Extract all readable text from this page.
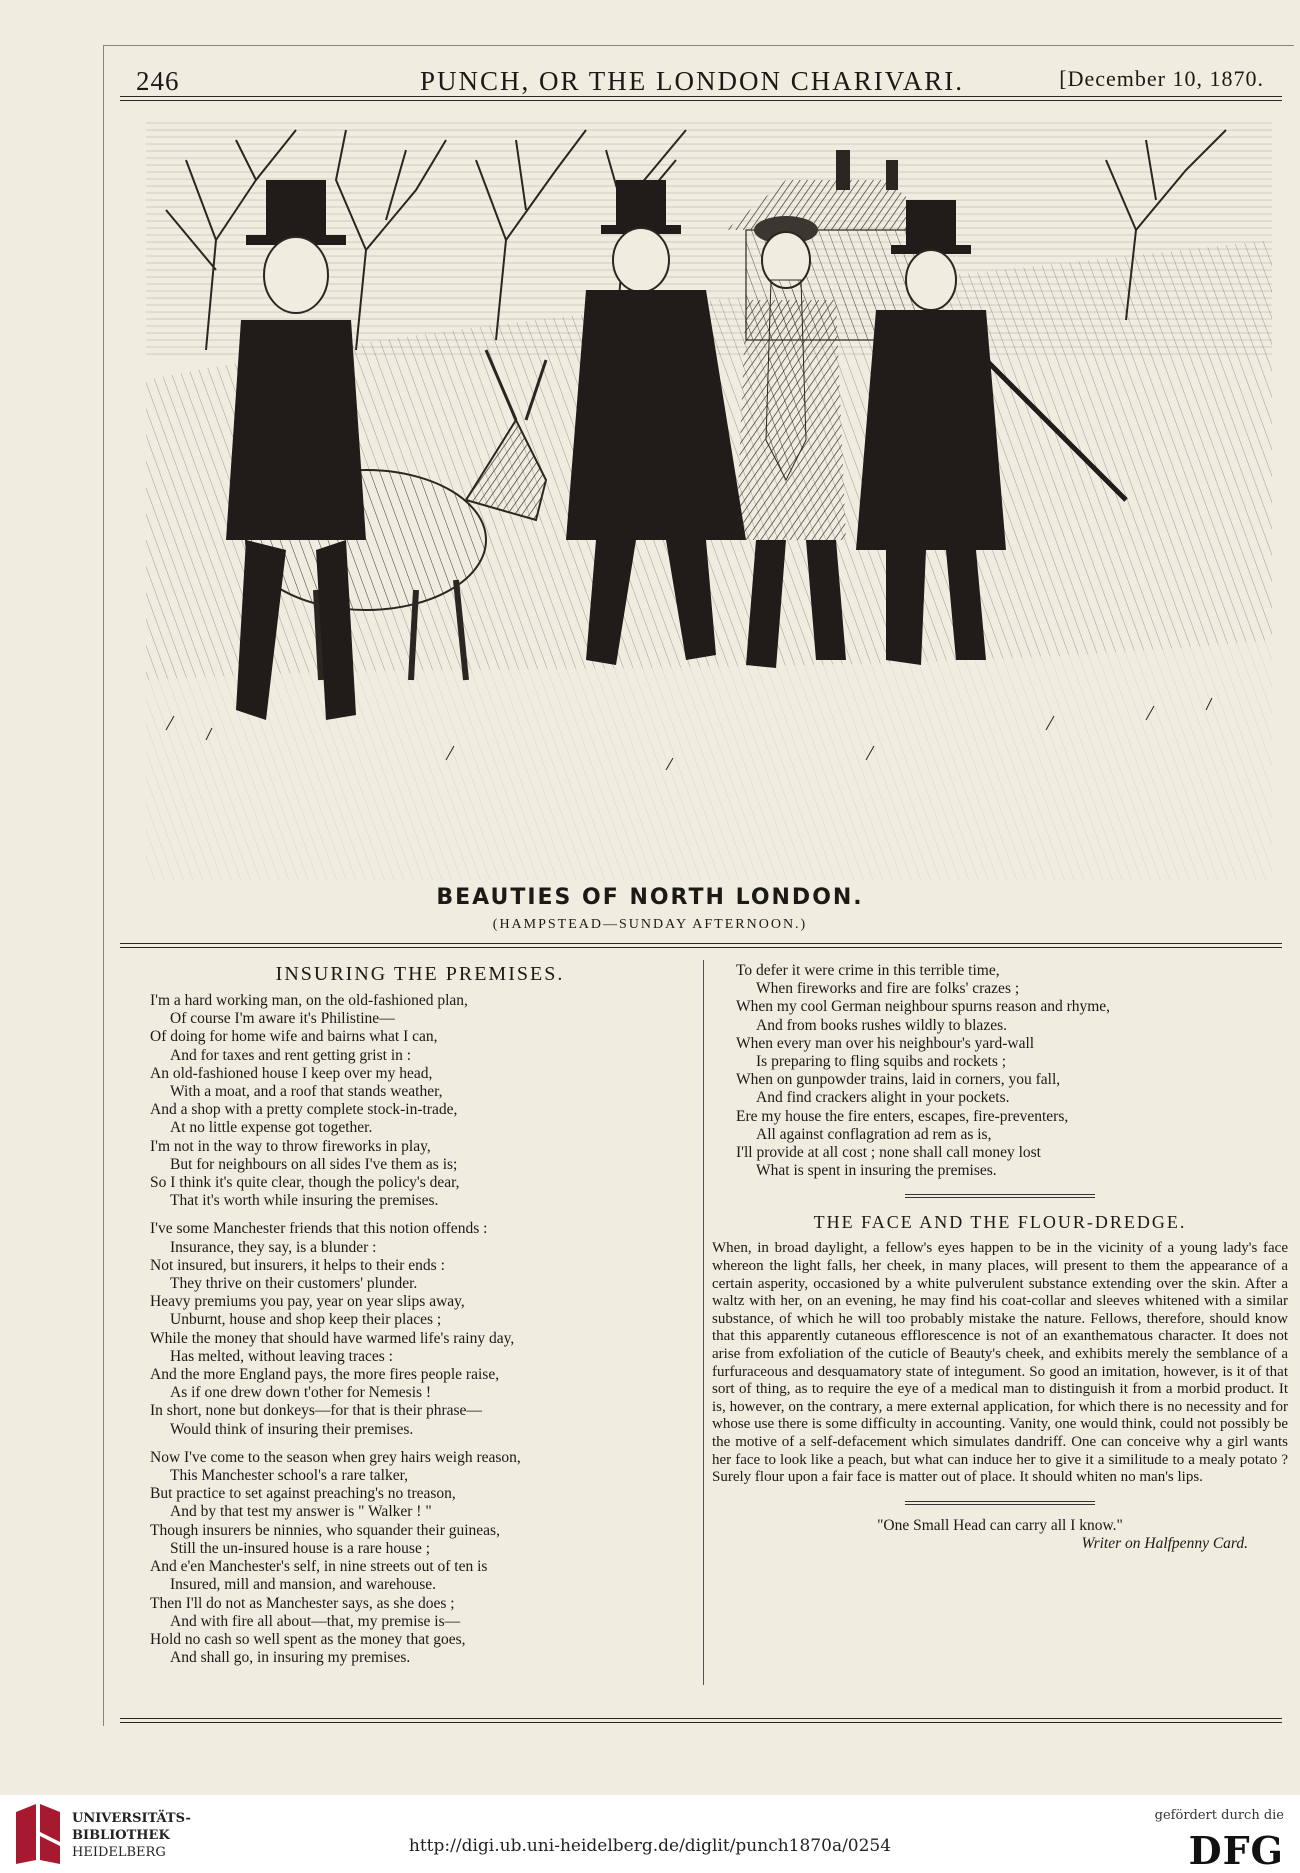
246	PUNCH, OR THE LONDON CHARIVARI.	[December 10, 1870.
BEAUTIES OF NORTH LONDON.
(HAMPSTEAD—SUNDAY AFTERNOON.)
INSURING THE PREMISES.
I'm a hard working man, on the old-fashioned plan,
Of course I'm aware it's Philistine—
Of doing for home wife and bairns what I can,
And for taxes and rent getting grist in :
An old-fashioned house I keep over my head,
With a moat, and a roof that stands weather,
And a shop with a pretty complete stock-in-trade,
At no little expense got together.
I'm not in the way to throw fireworks in play,
But for neighbours on all sides I've them as is;
So I think it's quite clear, though the policy's dear,
That it's worth while insuring the premises.
I've some Manchester friends that this notion offends :
Insurance, they say, is a blunder :
Not insured, but insurers, it helps to their ends :
They thrive on their customers' plunder.
Heavy premiums you pay, year on year slips away,
Unburnt, house and shop keep their places ;
While the money that should have warmed life's rainy day,
Has melted, without leaving traces :
And the more England pays, the more fires people raise,
As if one drew down t'other for Nemesis !
In short, none but donkeys—for that is their phrase—
Would think of insuring their premises.
Now I've come to the season when grey hairs weigh reason,
This Manchester school's a rare talker,
But practice to set against preaching's no treason,
And by that test my answer is " Walker ! "
Though insurers be ninnies, who squander their guineas,
Still the un-insured house is a rare house ;
And e'en Manchester's self, in nine streets out of ten is
Insured, mill and mansion, and warehouse.
Then I'll do not as Manchester says, as she does ;
And with fire all about—that, my premise is—
Hold no cash so well spent as the money that goes,
And shall go, in insuring my premises.
To defer it were crime in this terrible time,
When fireworks and fire are folks' crazes ;
When my cool German neighbour spurns reason and rhyme,
And from books rushes wildly to blazes.
When every man over his neighbour's yard-wall
Is preparing to fling squibs and rockets ;
When on gunpowder trains, laid in corners, you fall,
And find crackers alight in your pockets.
Ere my house the fire enters, escapes, fire-preventers,
All against conflagration ad rem as is,
I'll provide at all cost ; none shall call money lost
What is spent in insuring the premises.
THE FACE AND THE FLOUR-DREDGE.
When, in broad daylight, a fellow's eyes happen to be in the vicinity of a young lady's face whereon the light falls, her cheek, in many places, will present to them the appearance of a certain asperity, occasioned by a white pulverulent substance extending over the skin. After a waltz with her, on an evening, he may find his coat-collar and sleeves whitened with a similar substance, of which he will too probably mistake the nature. Fellows, therefore, should know that this apparently cutaneous efflorescence is not of an exanthematous character. It does not arise from exfoliation of the cuticle of Beauty's cheek, and exhibits merely the semblance of a furfuraceous and desquamatory state of integument. So good an imitation, however, is it of that sort of thing, as to require the eye of a medical man to distinguish it from a morbid product. It is, however, on the contrary, a mere external application, for which there is no necessity and for whose use there is some difficulty in accounting. Vanity, one would think, could not possibly be the motive of a self-defacement which simulates dandriff. One can conceive why a girl wants her face to look like a peach, but what can induce her to give it a similitude to a mealy potato ? Surely flour upon a fair face is matter out of place. It should whiten no man's lips.
"One Small Head can carry all I know."
Writer on Halfpenny Card.
UNIVERSITÄTS-
BIBLIOTHEK
HEIDELBERG	http://digi.ub.uni-heidelberg.de/diglit/punch1870a/0254
gefördert durch die
DFG
